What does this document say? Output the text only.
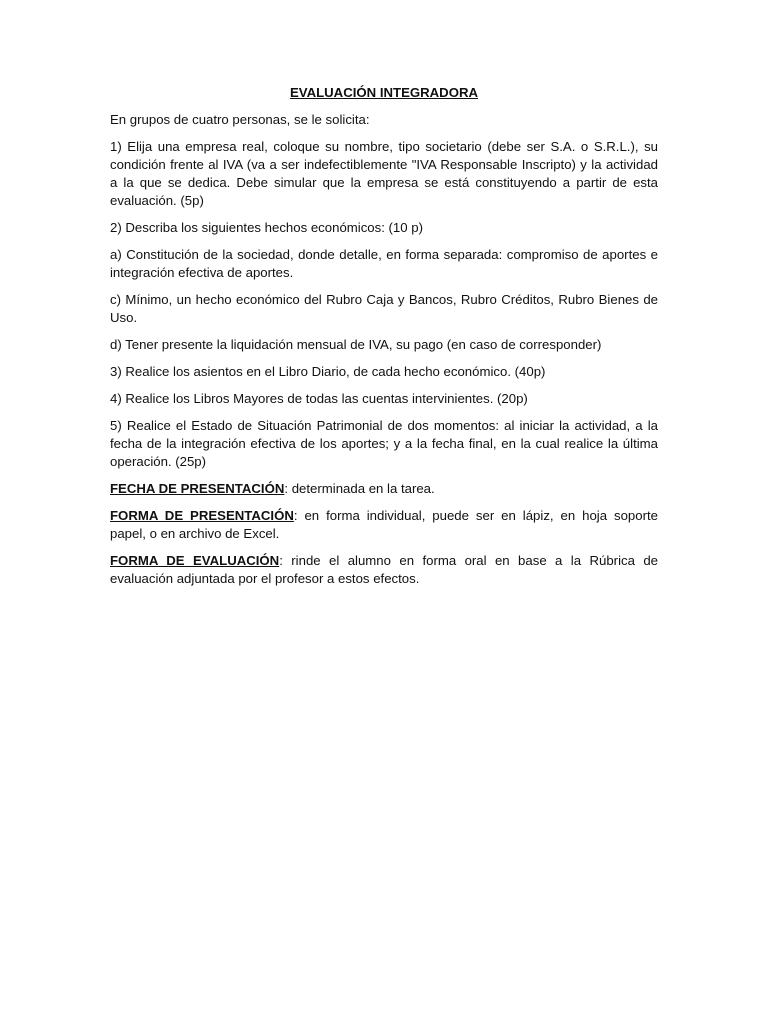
EVALUACIÓN INTEGRADORA

En grupos de cuatro personas, se le solicita:

1) Elija una empresa real, coloque su nombre, tipo societario (debe ser S.A. o S.R.L.), su condición frente al IVA (va a ser indefectiblemente "IVA Responsable Inscripto) y la actividad a la que se dedica. Debe simular que la empresa se está constituyendo a partir de esta evaluación. (5p)

2) Describa los siguientes hechos económicos: (10 p)

a) Constitución de la sociedad, donde detalle, en forma separada: compromiso de aportes e integración efectiva de aportes.

c) Mínimo, un hecho económico del Rubro Caja y Bancos, Rubro Créditos, Rubro Bienes de Uso.

d) Tener presente la liquidación mensual de IVA, su pago (en caso de corresponder)

3) Realice los asientos en el Libro Diario, de cada hecho económico. (40p)

4) Realice los Libros Mayores de todas las cuentas intervinientes. (20p)

5) Realice el Estado de Situación Patrimonial de dos momentos: al iniciar la actividad, a la fecha de la integración efectiva de los aportes; y a la fecha final, en la cual realice la última operación. (25p)

FECHA DE PRESENTACIÓN: determinada en la tarea.

FORMA DE PRESENTACIÓN: en forma individual, puede ser en lápiz, en hoja soporte papel, o en archivo de Excel.

FORMA DE EVALUACIÓN: rinde el alumno en forma oral en base a la Rúbrica de evaluación adjuntada por el profesor a estos efectos.
